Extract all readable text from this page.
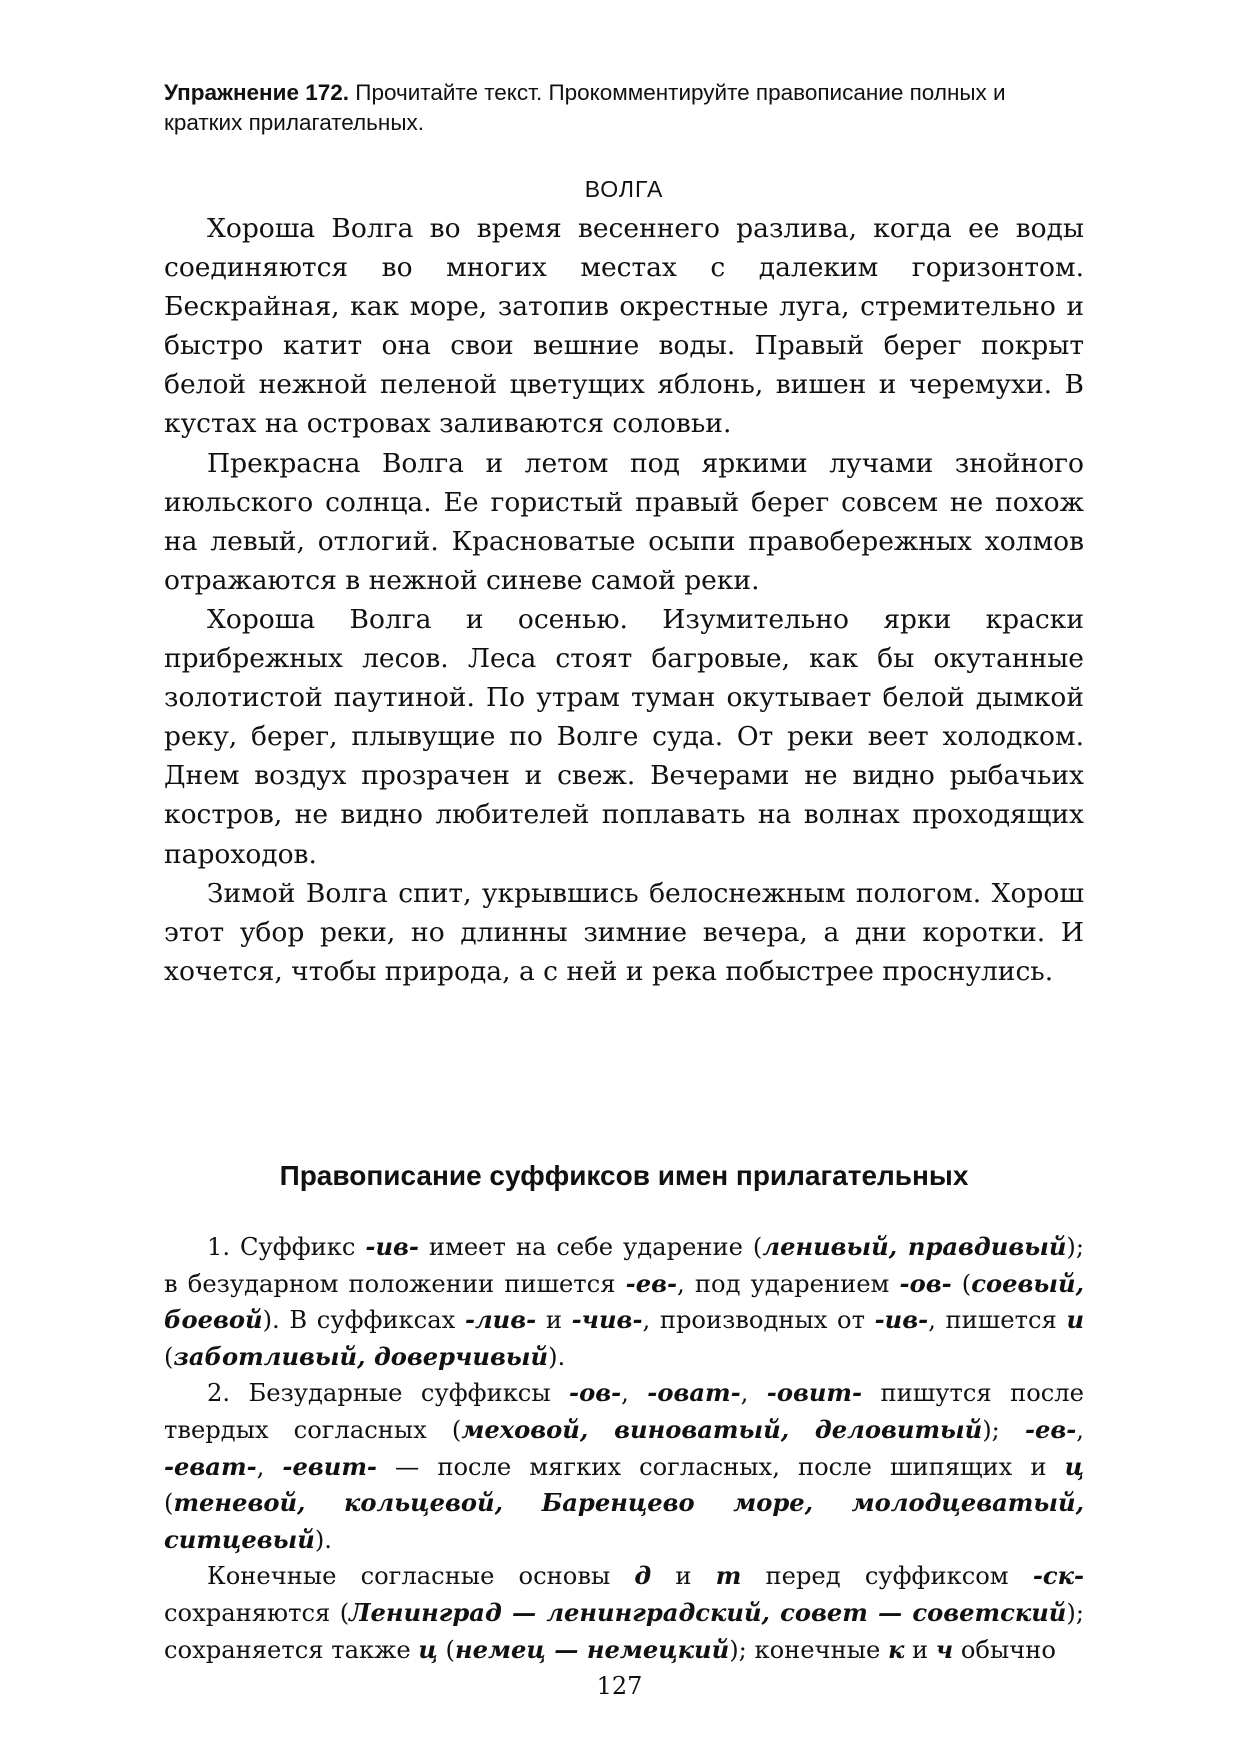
Упражнение 172. Прочитайте текст. Прокомментируйте правописание полных и кратких прилагательных.

ВОЛГА

Хороша Волга во время весеннего разлива, когда ее воды соединяются во многих местах с далеким горизонтом. Бескрайная, как море, затопив окрестные луга, стремительно и быстро катит она свои вешние воды. Правый берег покрыт белой нежной пеленой цветущих яблонь, вишен и черемухи. В кустах на островах заливаются соловьи.

Прекрасна Волга и летом под яркими лучами знойного июльского солнца. Ее гористый правый берег совсем не похож на левый, отлогий. Красноватые осыпи правобережных холмов отражаются в нежной синеве самой реки.

Хороша Волга и осенью. Изумительно ярки краски прибрежных лесов. Леса стоят багровые, как бы окутанные золотистой паутиной. По утрам туман окутывает белой дымкой реку, берег, плывущие по Волге суда. От реки веет холодком. Днем воздух прозрачен и свеж. Вечерами не видно рыбачьих костров, не видно любителей поплавать на волнах проходящих пароходов.

Зимой Волга спит, укрывшись белоснежным пологом. Хорош этот убор реки, но длинны зимние вечера, а дни коротки. И хочется, чтобы природа, а с ней и река побыстрее проснулись.

Правописание суффиксов имен прилагательных

1. Суффикс -ив- имеет на себе ударение (ленивый, правдивый); в безударном положении пишется -ев-, под ударением -ов- (соевый, боевой). В суффиксах -лив- и -чив-, производных от -ив-, пишется и (заботливый, доверчивый).

2. Безударные суффиксы -ов-, -оват-, -овит- пишутся после твердых согласных (меховой, виноватый, деловитый); -ев-, -еват-, -евит- — после мягких согласных, после шипящих и ц (теневой, кольцевой, Баренцево море, молодцеватый, ситцевый).

Конечные согласные основы д и т перед суффиксом -ск- сохраняются (Ленинград — ленинградский, совет — советский); сохраняется также ц (немец — немецкий); конечные к и ч обычно

127
